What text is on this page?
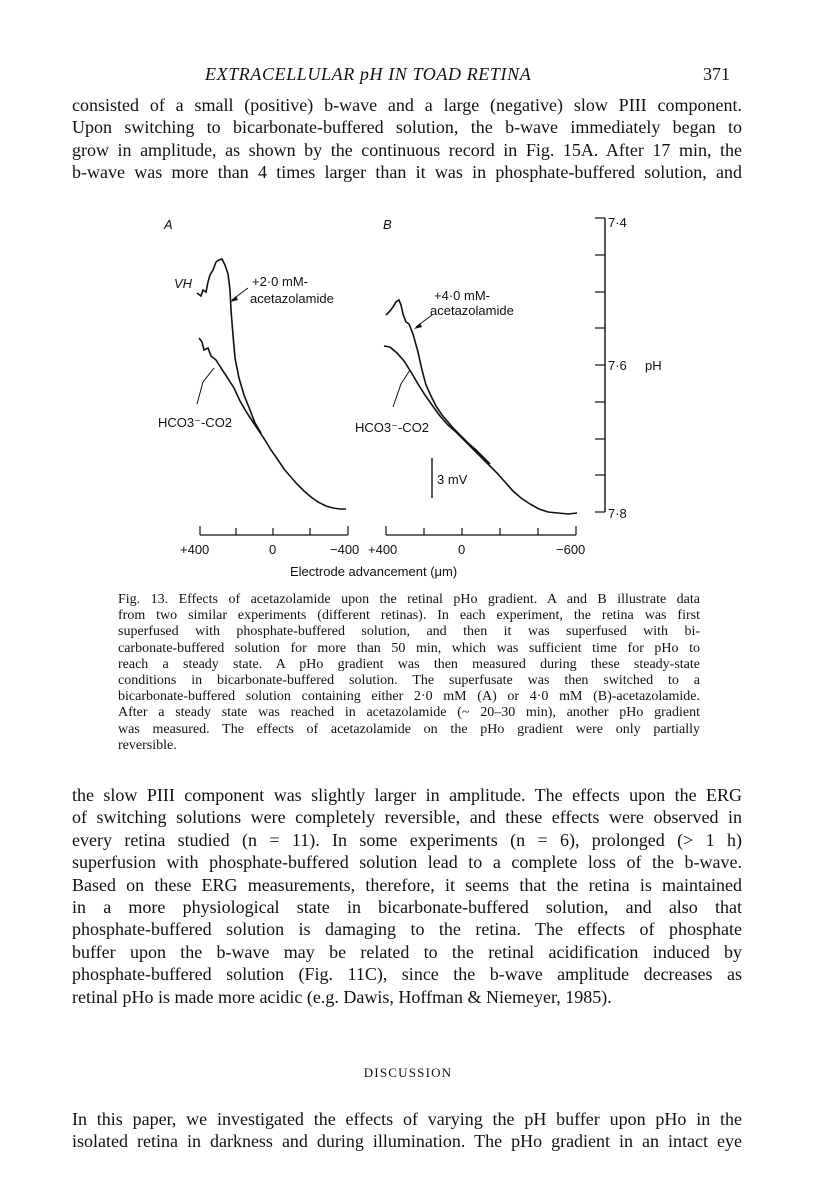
EXTRACELLULAR pH IN TOAD RETINA	371
consisted of a small (positive) b-wave and a large (negative) slow PIII component.
Upon switching to bicarbonate-buffered solution, the b-wave immediately began to
grow in amplitude, as shown by the continuous record in Fig. 15A. After 17 min, the
b-wave was more than 4 times larger than it was in phosphate-buffered solution, and
A	B
VH	+2·0 mM-
acetazolamide
HCO3⁻-CO2
+4·0 mM-
acetazolamide
HCO3⁻-CO2
3 mV
7·4
7·6 pH
7·8
+400	0	−400 +400	0	−600
Electrode advancement (μm)
Fig. 13. Effects of acetazolamide upon the retinal pHo gradient. A and B illustrate data
from two similar experiments (different retinas). In each experiment, the retina was first
superfused with phosphate-buffered solution, and then it was superfused with bi-
carbonate-buffered solution for more than 50 min, which was sufficient time for pHo to
reach a steady state. A pHo gradient was then measured during these steady-state
conditions in bicarbonate-buffered solution. The superfusate was then switched to a
bicarbonate-buffered solution containing either 2·0 mM (A) or 4·0 mM (B)-acetazolamide.
After a steady state was reached in acetazolamide (~ 20–30 min), another pHo gradient
was measured. The effects of acetazolamide on the pHo gradient were only partially
reversible.
the slow PIII component was slightly larger in amplitude. The effects upon the ERG
of switching solutions were completely reversible, and these effects were observed in
every retina studied (n = 11). In some experiments (n = 6), prolonged (> 1 h)
superfusion with phosphate-buffered solution lead to a complete loss of the b-wave.
Based on these ERG measurements, therefore, it seems that the retina is maintained
in a more physiological state in bicarbonate-buffered solution, and also that
phosphate-buffered solution is damaging to the retina. The effects of phosphate
buffer upon the b-wave may be related to the retinal acidification induced by
phosphate-buffered solution (Fig. 11C), since the b-wave amplitude decreases as
retinal pHo is made more acidic (e.g. Dawis, Hoffman & Niemeyer, 1985).
DISCUSSION
In this paper, we investigated the effects of varying the pH buffer upon pHo in the
isolated retina in darkness and during illumination. The pHo gradient in an intact eye
